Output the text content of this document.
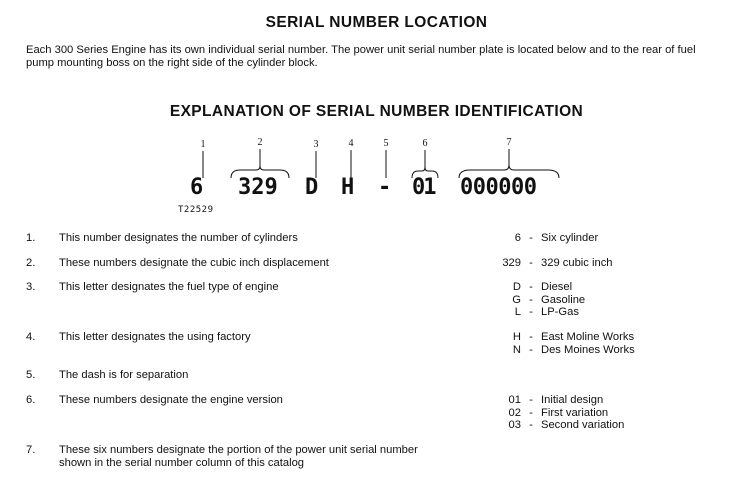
SERIAL NUMBER LOCATION
Each 300 Series Engine has its own individual serial number. The power unit serial number plate is located below and to the rear of fuel pump mounting boss on the right side of the cylinder block.
EXPLANATION OF SERIAL NUMBER IDENTIFICATION
1	2	3	4	5	6	7
6 329 D H - 01 000000
T22529
1. This number designates the number of cylinders	6 - Six cylinder
2. These numbers designate the cubic inch displacement	329 - 329 cubic inch
3. This letter designates the fuel type of engine	D - Diesel
G - Gasoline
L - LP-Gas
4. This letter designates the using factory	H - East Moline Works
N - Des Moines Works
5. The dash is for separation
6. These numbers designate the engine version	01 - Initial design
02 - First variation
03 - Second variation
7. These six numbers designate the portion of the power unit serial number shown in the serial number column of this catalog
